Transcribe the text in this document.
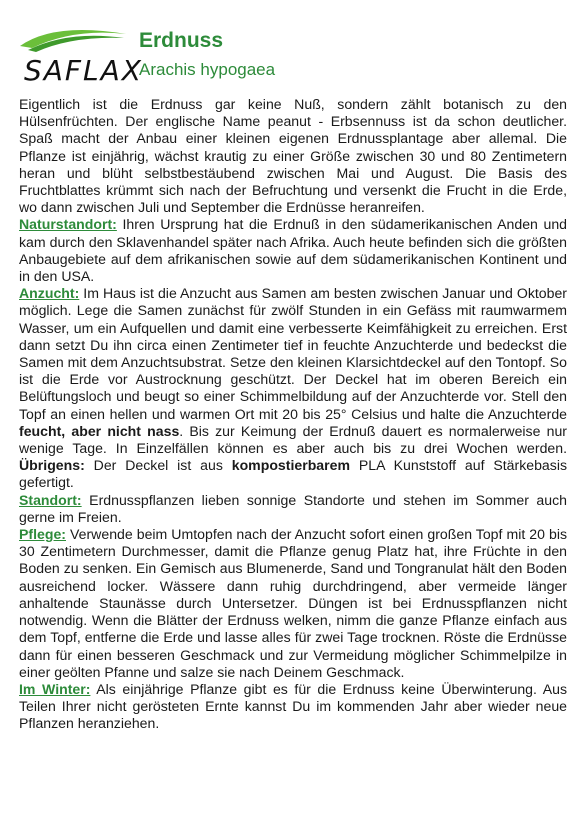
SAFLAX
Erdnuss
Arachis hypogaea

Eigentlich ist die Erdnuss gar keine Nuß, sondern zählt botanisch zu den Hülsenfrüchten. Der englische Name peanut - Erbsennuss ist da schon deutlicher. Spaß macht der Anbau einer kleinen eigenen Erdnussplantage aber allemal. Die Pflanze ist einjährig, wächst krautig zu einer Größe zwischen 30 und 80 Zentimetern heran und blüht selbstbestäubend zwischen Mai und August. Die Basis des Fruchtblattes krümmt sich nach der Befruchtung und versenkt die Frucht in die Erde, wo dann zwischen Juli und September die Erdnüsse heranreifen.

Naturstandort: Ihren Ursprung hat die Erdnuß in den südamerikanischen Anden und kam durch den Sklavenhandel später nach Afrika. Auch heute befinden sich die größten Anbaugebiete auf dem afrikanischen sowie auf dem südamerikanischen Kontinent und in den USA.

Anzucht: Im Haus ist die Anzucht aus Samen am besten zwischen Januar und Oktober möglich. Lege die Samen zunächst für zwölf Stunden in ein Gefäss mit raumwarmem Wasser, um ein Aufquellen und damit eine verbesserte Keimfähigkeit zu erreichen. Erst dann setzt Du ihn circa einen Zentimeter tief in feuchte Anzuchterde und bedeckst die Samen mit dem Anzuchtsubstrat. Setze den kleinen Klarsichtdeckel auf den Tontopf. So ist die Erde vor Austrocknung geschützt. Der Deckel hat im oberen Bereich ein Belüftungsloch und beugt so einer Schimmelbildung auf der Anzuchterde vor. Stell den Topf an einen hellen und warmen Ort mit 20 bis 25° Celsius und halte die Anzuchterde feucht, aber nicht nass. Bis zur Keimung der Erdnuß dauert es normalerweise nur wenige Tage. In Einzelfällen können es aber auch bis zu drei Wochen werden. Übrigens: Der Deckel ist aus kompostierbarem PLA Kunststoff auf Stärkebasis gefertigt.

Standort: Erdnusspflanzen lieben sonnige Standorte und stehen im Sommer auch gerne im Freien.

Pflege: Verwende beim Umtopfen nach der Anzucht sofort einen großen Topf mit 20 bis 30 Zentimetern Durchmesser, damit die Pflanze genug Platz hat, ihre Früchte in den Boden zu senken. Ein Gemisch aus Blumenerde, Sand und Tongranulat hält den Boden ausreichend locker. Wässere dann ruhig durchdringend, aber vermeide länger anhaltende Staunässe durch Untersetzer. Düngen ist bei Erdnusspflanzen nicht notwendig. Wenn die Blätter der Erdnuss welken, nimm die ganze Pflanze einfach aus dem Topf, entferne die Erde und lasse alles für zwei Tage trocknen. Röste die Erdnüsse dann für einen besseren Geschmack und zur Vermeidung möglicher Schimmelpilze in einer geölten Pfanne und salze sie nach Deinem Geschmack.

Im Winter: Als einjährige Pflanze gibt es für die Erdnuss keine Überwinterung. Aus Teilen Ihrer nicht gerösteten Ernte kannst Du im kommenden Jahr aber wieder neue Pflanzen heranziehen.
